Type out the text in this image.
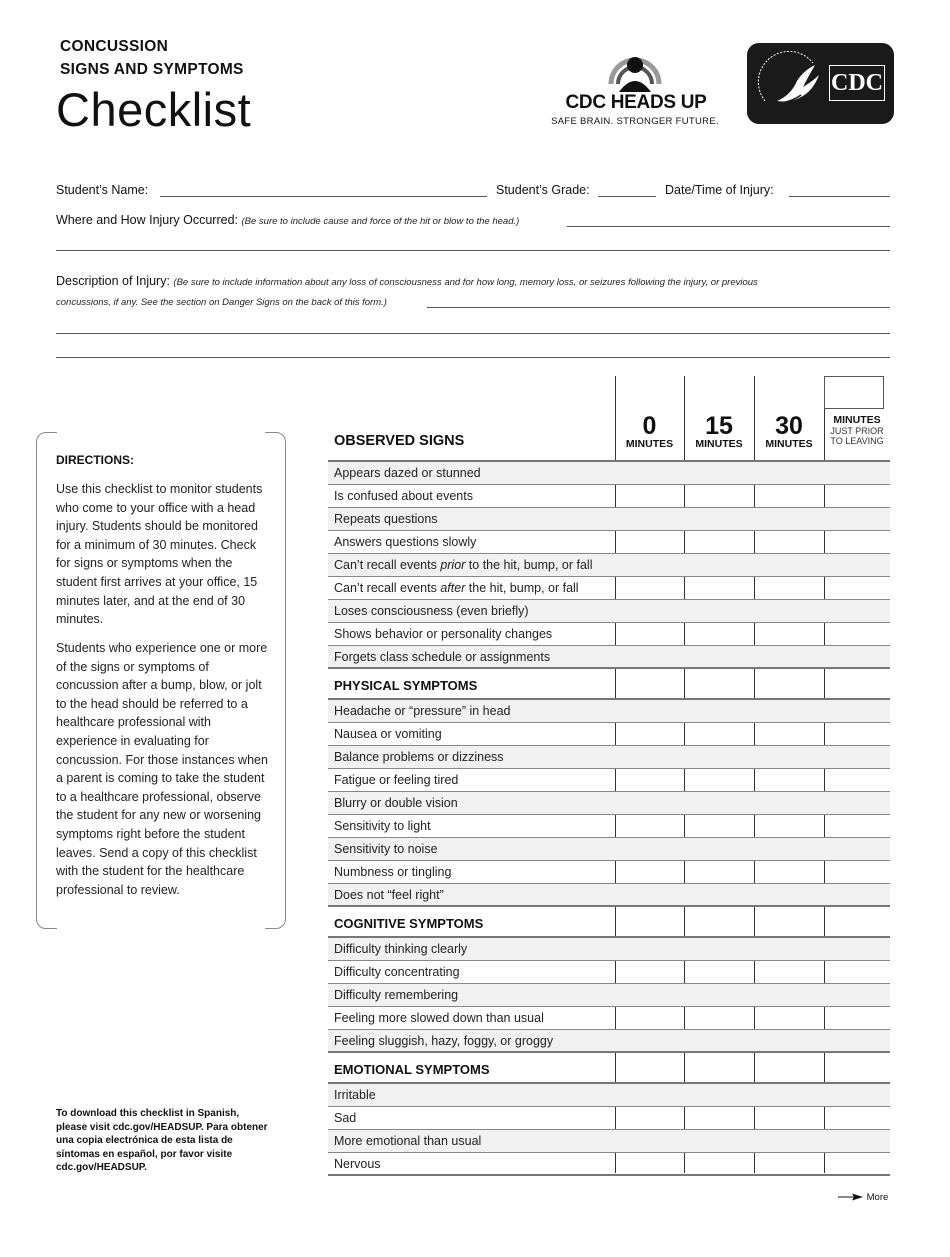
CONCUSSION
SIGNS AND SYMPTOMS
Checklist	CDC HEADS UP
SAFE BRAIN. STRONGER FUTURE.
CDC
Student’s Name:	Student’s Grade:	Date/Time of Injury:
Where and How Injury Occurred: (Be sure to include cause and force of the hit or blow to the head.)
Description of Injury: (Be sure to include information about any loss of consciousness and for how long, memory loss, or seizures following the injury, or previous
concussions, if any. See the section on Danger Signs on the back of this form.)
DIRECTIONS:
Use this checklist to monitor students who come to your office with a head injury. Students should be monitored for a minimum of 30 minutes. Check for signs or symptoms when the student first arrives at your office, 15 minutes later, and at the end of 30 minutes.
Students who experience one or more of the signs or symptoms of concussion after a bump, blow, or jolt to the head should be referred to a healthcare professional with experience in evaluating for concussion. For those instances when a parent is coming to take the student to a healthcare professional, observe the student for any new or worsening symptoms right before the student leaves. Send a copy of this checklist with the student for the healthcare professional to review.
To download this checklist in Spanish, please visit cdc.gov/HEADSUP. Para obtener una copia electrónica de esta lista de síntomas en español, por favor visite cdc.gov/HEADSUP.
0
MINUTES
15
MINUTES
30
MINUTES
MINUTES
JUST PRIOR
TO LEAVING
OBSERVED SIGNS
Appears dazed or stunned
Is confused about events
Repeats questions
Answers questions slowly
Can’t recall events prior to the hit, bump, or fall
Can’t recall events after the hit, bump, or fall
Loses consciousness (even briefly)
Shows behavior or personality changes
Forgets class schedule or assignments
PHYSICAL SYMPTOMS
Headache or “pressure” in head
Nausea or vomiting
Balance problems or dizziness
Fatigue or feeling tired
Blurry or double vision
Sensitivity to light
Sensitivity to noise
Numbness or tingling
Does not “feel right”
COGNITIVE SYMPTOMS
Difficulty thinking clearly
Difficulty concentrating
Difficulty remembering
Feeling more slowed down than usual
Feeling sluggish, hazy, foggy, or groggy
EMOTIONAL SYMPTOMS
Irritable
Sad
More emotional than usual
Nervous
More
